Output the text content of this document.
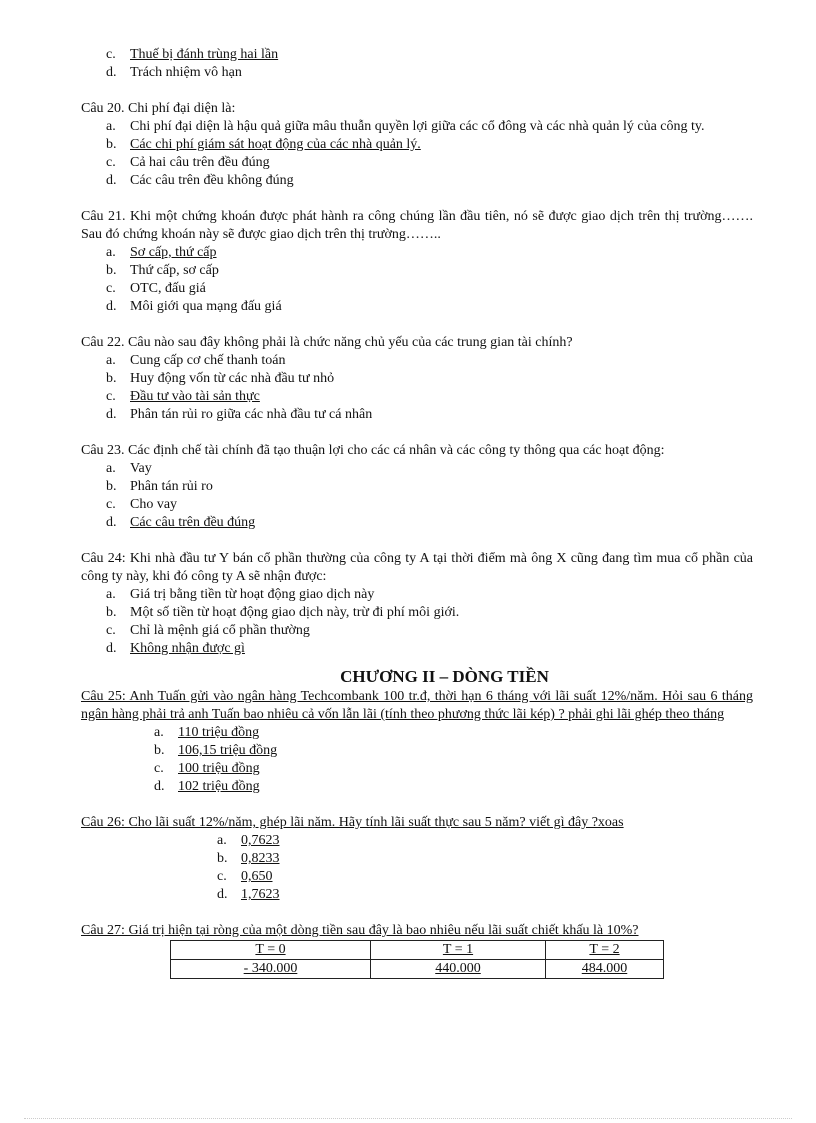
c.	Thuế bị đánh trùng hai lần
d. Trách nhiệm vô hạn

Câu 20. Chi phí đại diện là:

a.	Chi phí đại diện là hậu quả giữa mâu thuẫn quyền lợi giữa các cổ đông và các nhà quản lý của công ty.
b. Các chi phí giám sát hoạt động của các nhà quản lý.
c.	Cả hai câu trên đều đúng
d. Các câu trên đều không đúng

Câu 21. Khi một chứng khoán được phát hành ra công chúng lần đầu tiên, nó sẽ được giao dịch trên thị trường……. Sau đó chứng khoán này sẽ được giao dịch trên thị trường……..

a.	Sơ cấp, thứ cấp
b. Thứ cấp, sơ cấp
c.	OTC, đấu giá
d. Môi giới qua mạng đấu giá

Câu 22. Câu nào sau đây không phải là chức năng chủ yếu của các trung gian tài chính?

a.	Cung cấp cơ chế thanh toán
b. Huy động vốn từ các nhà đầu tư nhỏ
c.	Đầu tư vào tài sản thực
d. Phân tán rủi ro giữa các nhà đầu tư cá nhân

Câu 23. Các định chế tài chính đã tạo thuận lợi cho các cá nhân và các công ty thông qua các hoạt động:

a.	Vay
b. Phân tán rủi ro
c.	Cho vay
d. Các câu trên đều đúng

Câu 24: Khi nhà đầu tư Y bán cổ phần thường của công ty A tại thời điểm mà ông X cũng đang tìm mua cổ phần của công ty này, khi đó công ty A sẽ nhận được:

a.	Giá trị bằng tiền từ hoạt động giao dịch này
b. Một số tiền từ hoạt động giao dịch này, trừ đi phí môi giới.
c.	Chỉ là mệnh giá cổ phần thường
d. Không nhận được gì
CHƯƠNG II – DÒNG TIỀN

Câu 25: Anh Tuấn gửi vào ngân hàng Techcombank 100 tr.đ, thời hạn 6 tháng với lãi suất 12%/năm. Hỏi sau 6 tháng ngân hàng phải trả anh Tuấn bao nhiêu cả vốn lẫn lãi (tính theo phương thức lãi kép) ? phải ghi lãi ghép theo tháng

a.	110 triệu đồng
b. 106,15 triệu đồng
c.	100 triệu đồng
d. 102 triệu đồng

Câu 26: Cho lãi suất 12%/năm, ghép lãi năm. Hãy tính lãi suất thực sau 5 năm? viết gì đây ?xoas

a.	0,7623
b. 0,8233
c.	0,650
d. 1,7623

Câu 27: Giá trị hiện tại ròng của một dòng tiền sau đây là bao nhiêu nếu lãi suất chiết khấu là 10%?

T = 0	T = 1	T = 2
- 340.000	440.000	484.000
